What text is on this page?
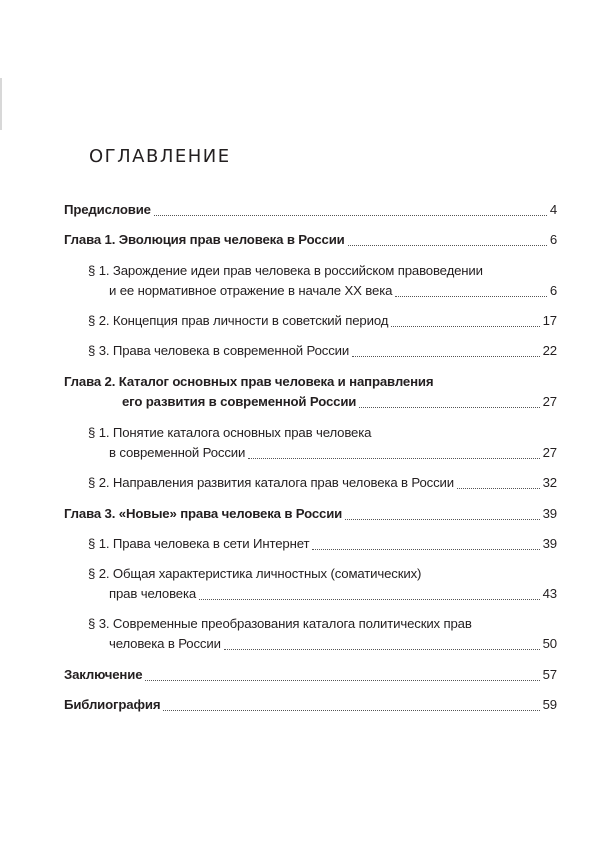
ОГЛАВЛЕНИЕ
Предисловие	4
Глава 1. Эволюция прав человека в России	6
§ 1. Зарождение идеи прав человека в российском правоведении
и ее нормативное отражение в начале XX века	6
§ 2. Концепция прав личности в советский период	17
§ 3. Права человека в современной России	22
Глава 2. Каталог основных прав человека и направления
его развития в современной России	27
§ 1. Понятие каталога основных прав человека
в современной России	27
§ 2. Направления развития каталога прав человека в России	32
Глава 3. «Новые» права человека в России	39
§ 1. Права человека в сети Интернет	39
§ 2. Общая характеристика личностных (соматических)
прав человека	43
§ 3. Современные преобразования каталога политических прав
человека в России	50
Заключение	57
Библиография	59
